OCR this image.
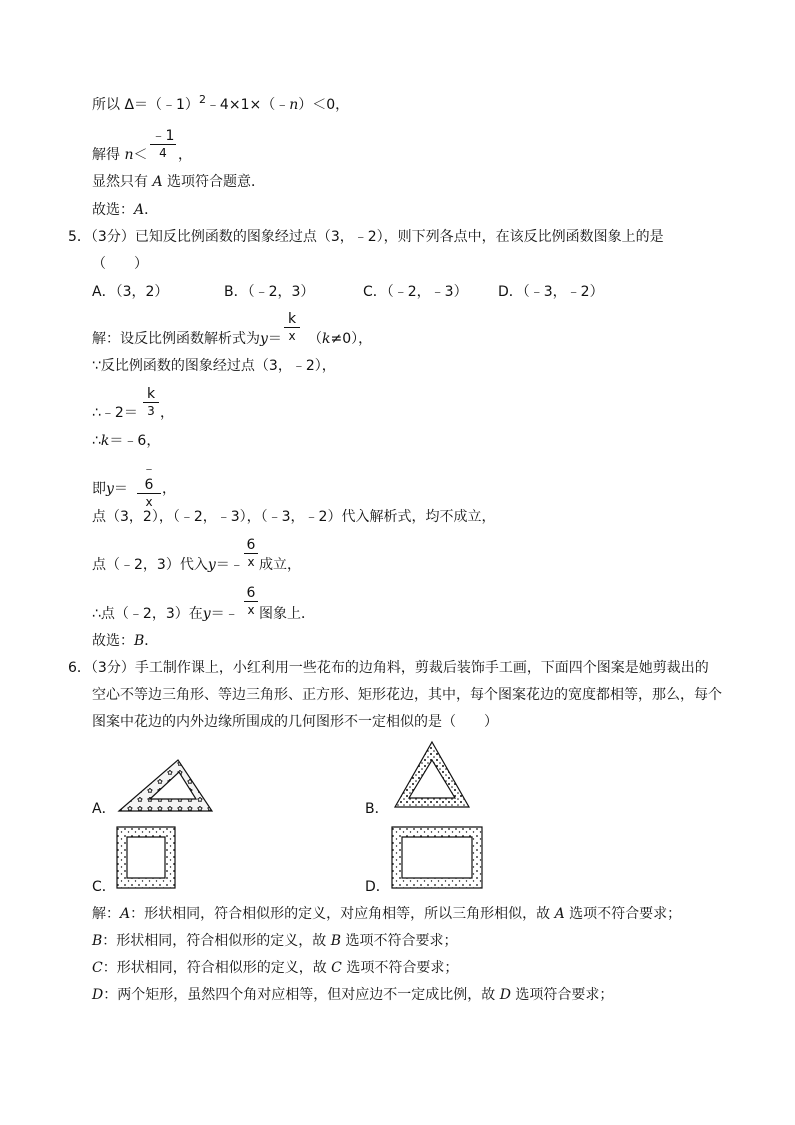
所以 Δ＝（﹣1）$^2$﹣4×1×（﹣n）＜0，
解得 n＜
﹣1
4 ，
显然只有 A 选项符合题意．
故选：A．
5．（3分）已知反比例函数的图象经过点（3，﹣2），则下列各点中，在该反比例函数图象上的是
（　　）
A．（3，2）	B．（﹣2，3）	C．（﹣2，﹣3） D．（﹣3，﹣2）
解：设反比例函数解析式为y＝
k
x （k≠0），
∵反比例函数的图象经过点（3，﹣2），
∴﹣2＝
k
3 ，
∴k＝﹣6，
即y＝
﹣6
x
，
点（3，2），（﹣2，﹣3），（﹣3，﹣2）代入解析式，均不成立，
点（﹣2，3）代入y＝﹣
6
x 成立，
∴点（﹣2，3）在y＝﹣
6
x 图象上．
故选：B．
6．（3分）手工制作课上，小红利用一些花布的边角料，剪裁后装饰手工画，下面四个图案是她剪裁出的
空心不等边三角形、等边三角形、正方形、矩形花边，其中，每个图案花边的宽度都相等，那么，每个
图案中花边的内外边缘所围成的几何图形不一定相似的是（　　）
A．	B．
C．	D．
解：A：形状相同，符合相似形的定义，对应角相等，所以三角形相似，故 A 选项不符合要求；
B：形状相同，符合相似形的定义，故 B 选项不符合要求；
C：形状相同，符合相似形的定义，故 C 选项不符合要求；
D：两个矩形，虽然四个角对应相等，但对应边不一定成比例，故 D 选项符合要求；
